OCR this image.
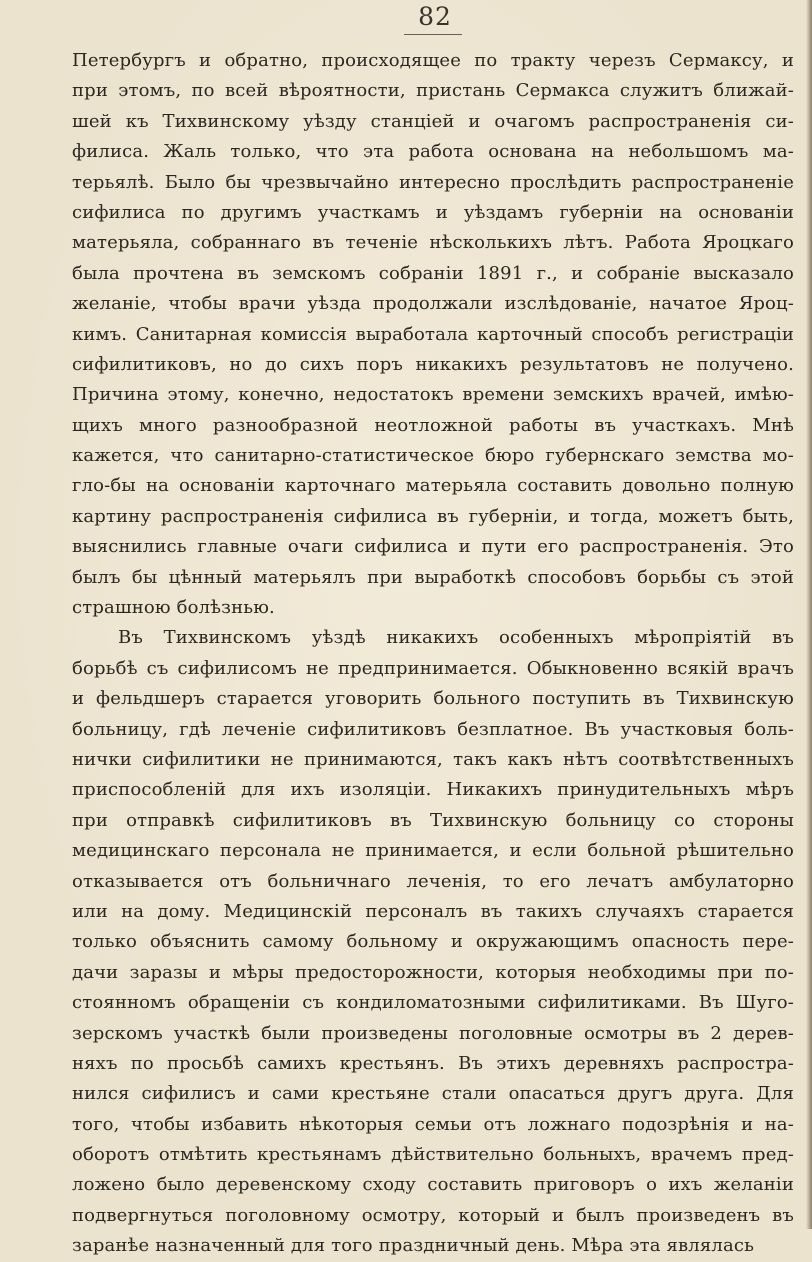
82
Петербургъ и обратно, происходящее по тракту черезъ Сермаксу, и
при этомъ, по всей вѣроятности, пристань Сермакса служитъ ближай-
шей къ Тихвинскому уѣзду станціей и очагомъ распространенія си-
филиса. Жаль только, что эта работа основана на небольшомъ ма-
терьялѣ. Было бы чрезвычайно интересно прослѣдить распространеніе
сифилиса по другимъ участкамъ и уѣздамъ губерніи на основаніи
матерьяла, собраннаго въ теченіе нѣсколькихъ лѣтъ. Работа Яроцкаго
была прочтена въ земскомъ собраніи 1891 г., и собраніе высказало
желаніе, чтобы врачи уѣзда продолжали изслѣдованіе, начатое Яроц-
кимъ. Санитарная комиссія выработала карточный способъ регистраціи
сифилитиковъ, но до сихъ поръ никакихъ результатовъ не получено.
Причина этому, конечно, недостатокъ времени земскихъ врачей, имѣю-
щихъ много разнообразной неотложной работы въ участкахъ. Мнѣ
кажется, что санитарно-статистическое бюро губернскаго земства мо-
гло-бы на основаніи карточнаго матерьяла составить довольно полную
картину распространенія сифилиса въ губерніи, и тогда, можетъ быть,
выяснились главные очаги сифилиса и пути его распространенія. Это
былъ бы цѣнный матерьялъ при выработкѣ способовъ борьбы съ этой
страшною болѣзнью.
Въ Тихвинскомъ уѣздѣ никакихъ особенныхъ мѣропріятій въ
борьбѣ съ сифилисомъ не предпринимается. Обыкновенно всякій врачъ
и фельдшеръ старается уговорить больного поступить въ Тихвинскую
больницу, гдѣ леченіе сифилитиковъ безплатное. Въ участковыя боль-
нички сифилитики не принимаются, такъ какъ нѣтъ соотвѣтственныхъ
приспособленій для ихъ изоляціи. Никакихъ принудительныхъ мѣръ
при отправкѣ сифилитиковъ въ Тихвинскую больницу со стороны
медицинскаго персонала не принимается, и если больной рѣшительно
отказывается отъ больничнаго леченія, то его лечатъ амбулаторно
или на дому. Медицинскій персоналъ въ такихъ случаяхъ старается
только объяснить самому больному и окружающимъ опасность пере-
дачи заразы и мѣры предосторожности, которыя необходимы при по-
стоянномъ обращеніи съ кондиломатозными сифилитиками. Въ Шуго-
зерскомъ участкѣ были произведены поголовные осмотры въ 2 дерев-
няхъ по просьбѣ самихъ крестьянъ. Въ этихъ деревняхъ распростра-
нился сифилисъ и сами крестьяне стали опасаться другъ друга. Для
того, чтобы избавить нѣкоторыя семьи отъ ложнаго подозрѣнія и на-
оборотъ отмѣтить крестьянамъ дѣйствительно больныхъ, врачемъ пред-
ложено было деревенскому сходу составить приговоръ о ихъ желаніи
подвергнуться поголовному осмотру, который и былъ произведенъ въ
заранѣе назначенный для того праздничный день. Мѣра эта являлась
